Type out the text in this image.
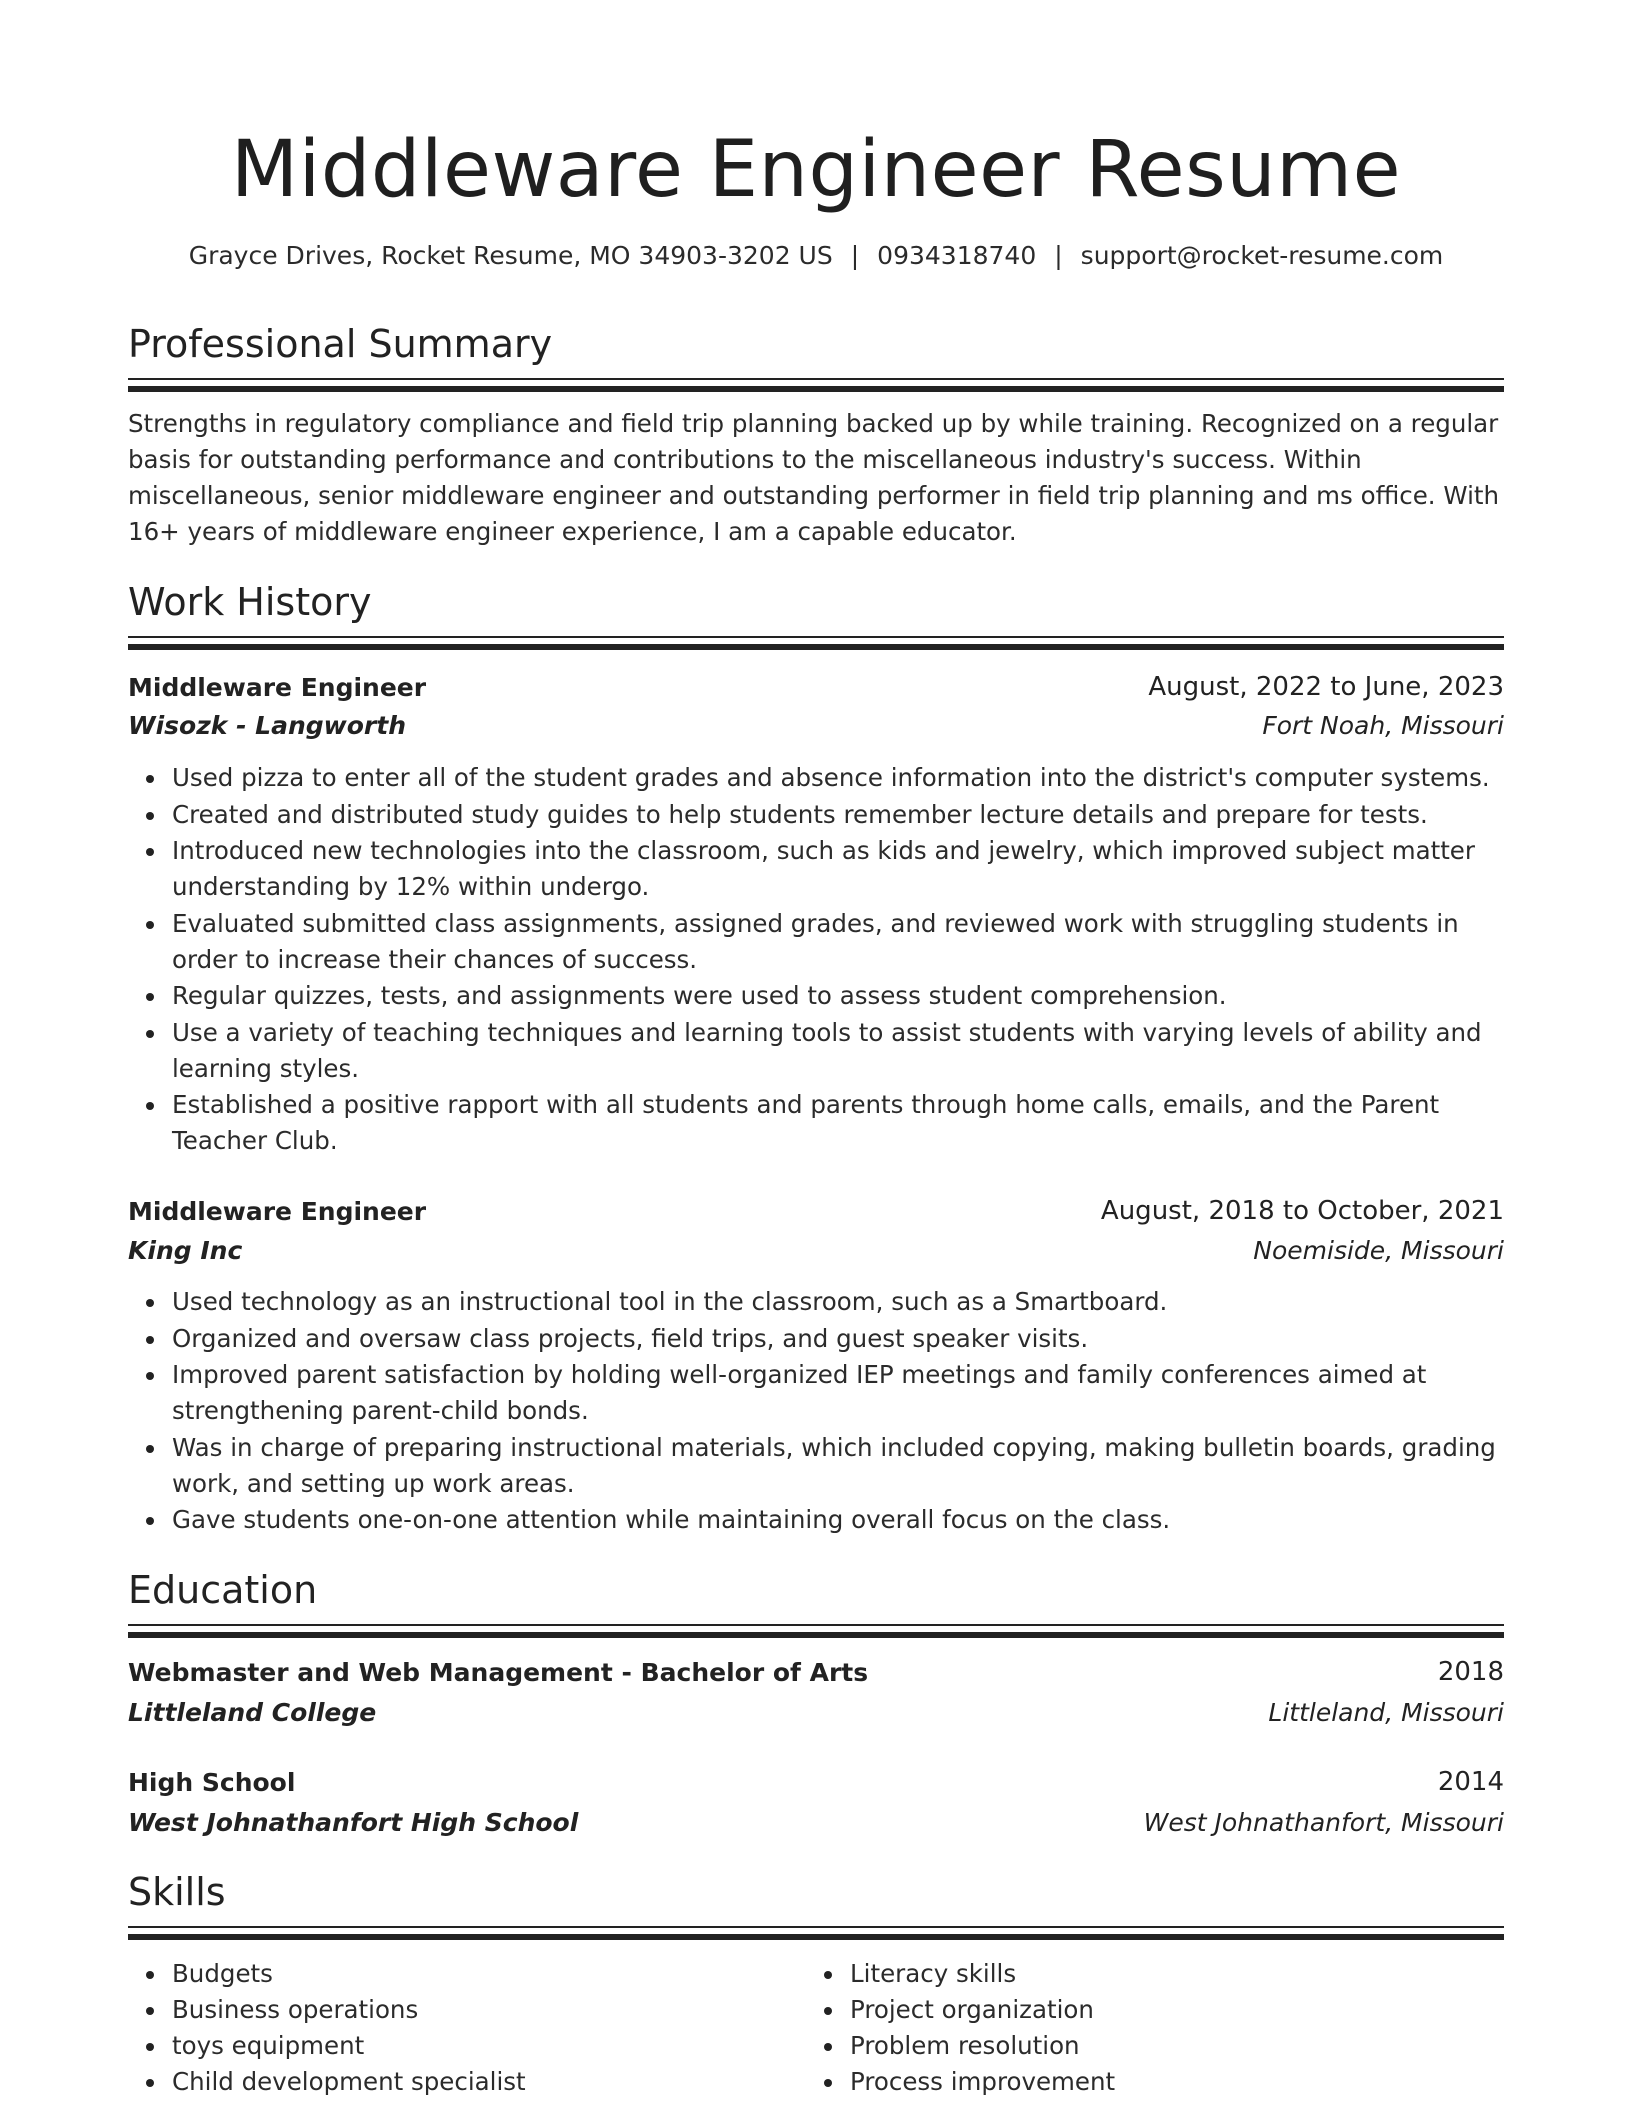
Middleware Engineer Resume
Grayce Drives, Rocket Resume, MO 34903-3202 US | 0934318740 | support@rocket-resume.com
Professional Summary
Strengths in regulatory compliance and field trip planning backed up by while training. Recognized on a regular basis for outstanding performance and contributions to the miscellaneous industry's success. Within miscellaneous, senior middleware engineer and outstanding performer in field trip planning and ms office. With 16+ years of middleware engineer experience, I am a capable educator.
Work History
Middleware Engineer	August, 2022 to June, 2023
Wisozk - Langworth	Fort Noah, Missouri
Used pizza to enter all of the student grades and absence information into the district's computer systems.
Created and distributed study guides to help students remember lecture details and prepare for tests.
Introduced new technologies into the classroom, such as kids and jewelry, which improved subject matter understanding by 12% within undergo.
Evaluated submitted class assignments, assigned grades, and reviewed work with struggling students in order to increase their chances of success.
Regular quizzes, tests, and assignments were used to assess student comprehension.
Use a variety of teaching techniques and learning tools to assist students with varying levels of ability and learning styles.
Established a positive rapport with all students and parents through home calls, emails, and the Parent Teacher Club.
Middleware Engineer	August, 2018 to October, 2021
King Inc	Noemiside, Missouri
Used technology as an instructional tool in the classroom, such as a Smartboard.
Organized and oversaw class projects, field trips, and guest speaker visits.
Improved parent satisfaction by holding well-organized IEP meetings and family conferences aimed at strengthening parent-child bonds.
Was in charge of preparing instructional materials, which included copying, making bulletin boards, grading work, and setting up work areas.
Gave students one-on-one attention while maintaining overall focus on the class.
Education
Webmaster and Web Management - Bachelor of Arts	2018
Littleland College	Littleland, Missouri
High School	2014
West Johnathanfort High School	West Johnathanfort, Missouri
Skills
Budgets
Business operations
toys equipment
Child development specialist
Literacy skills
Project organization
Problem resolution
Process improvement
